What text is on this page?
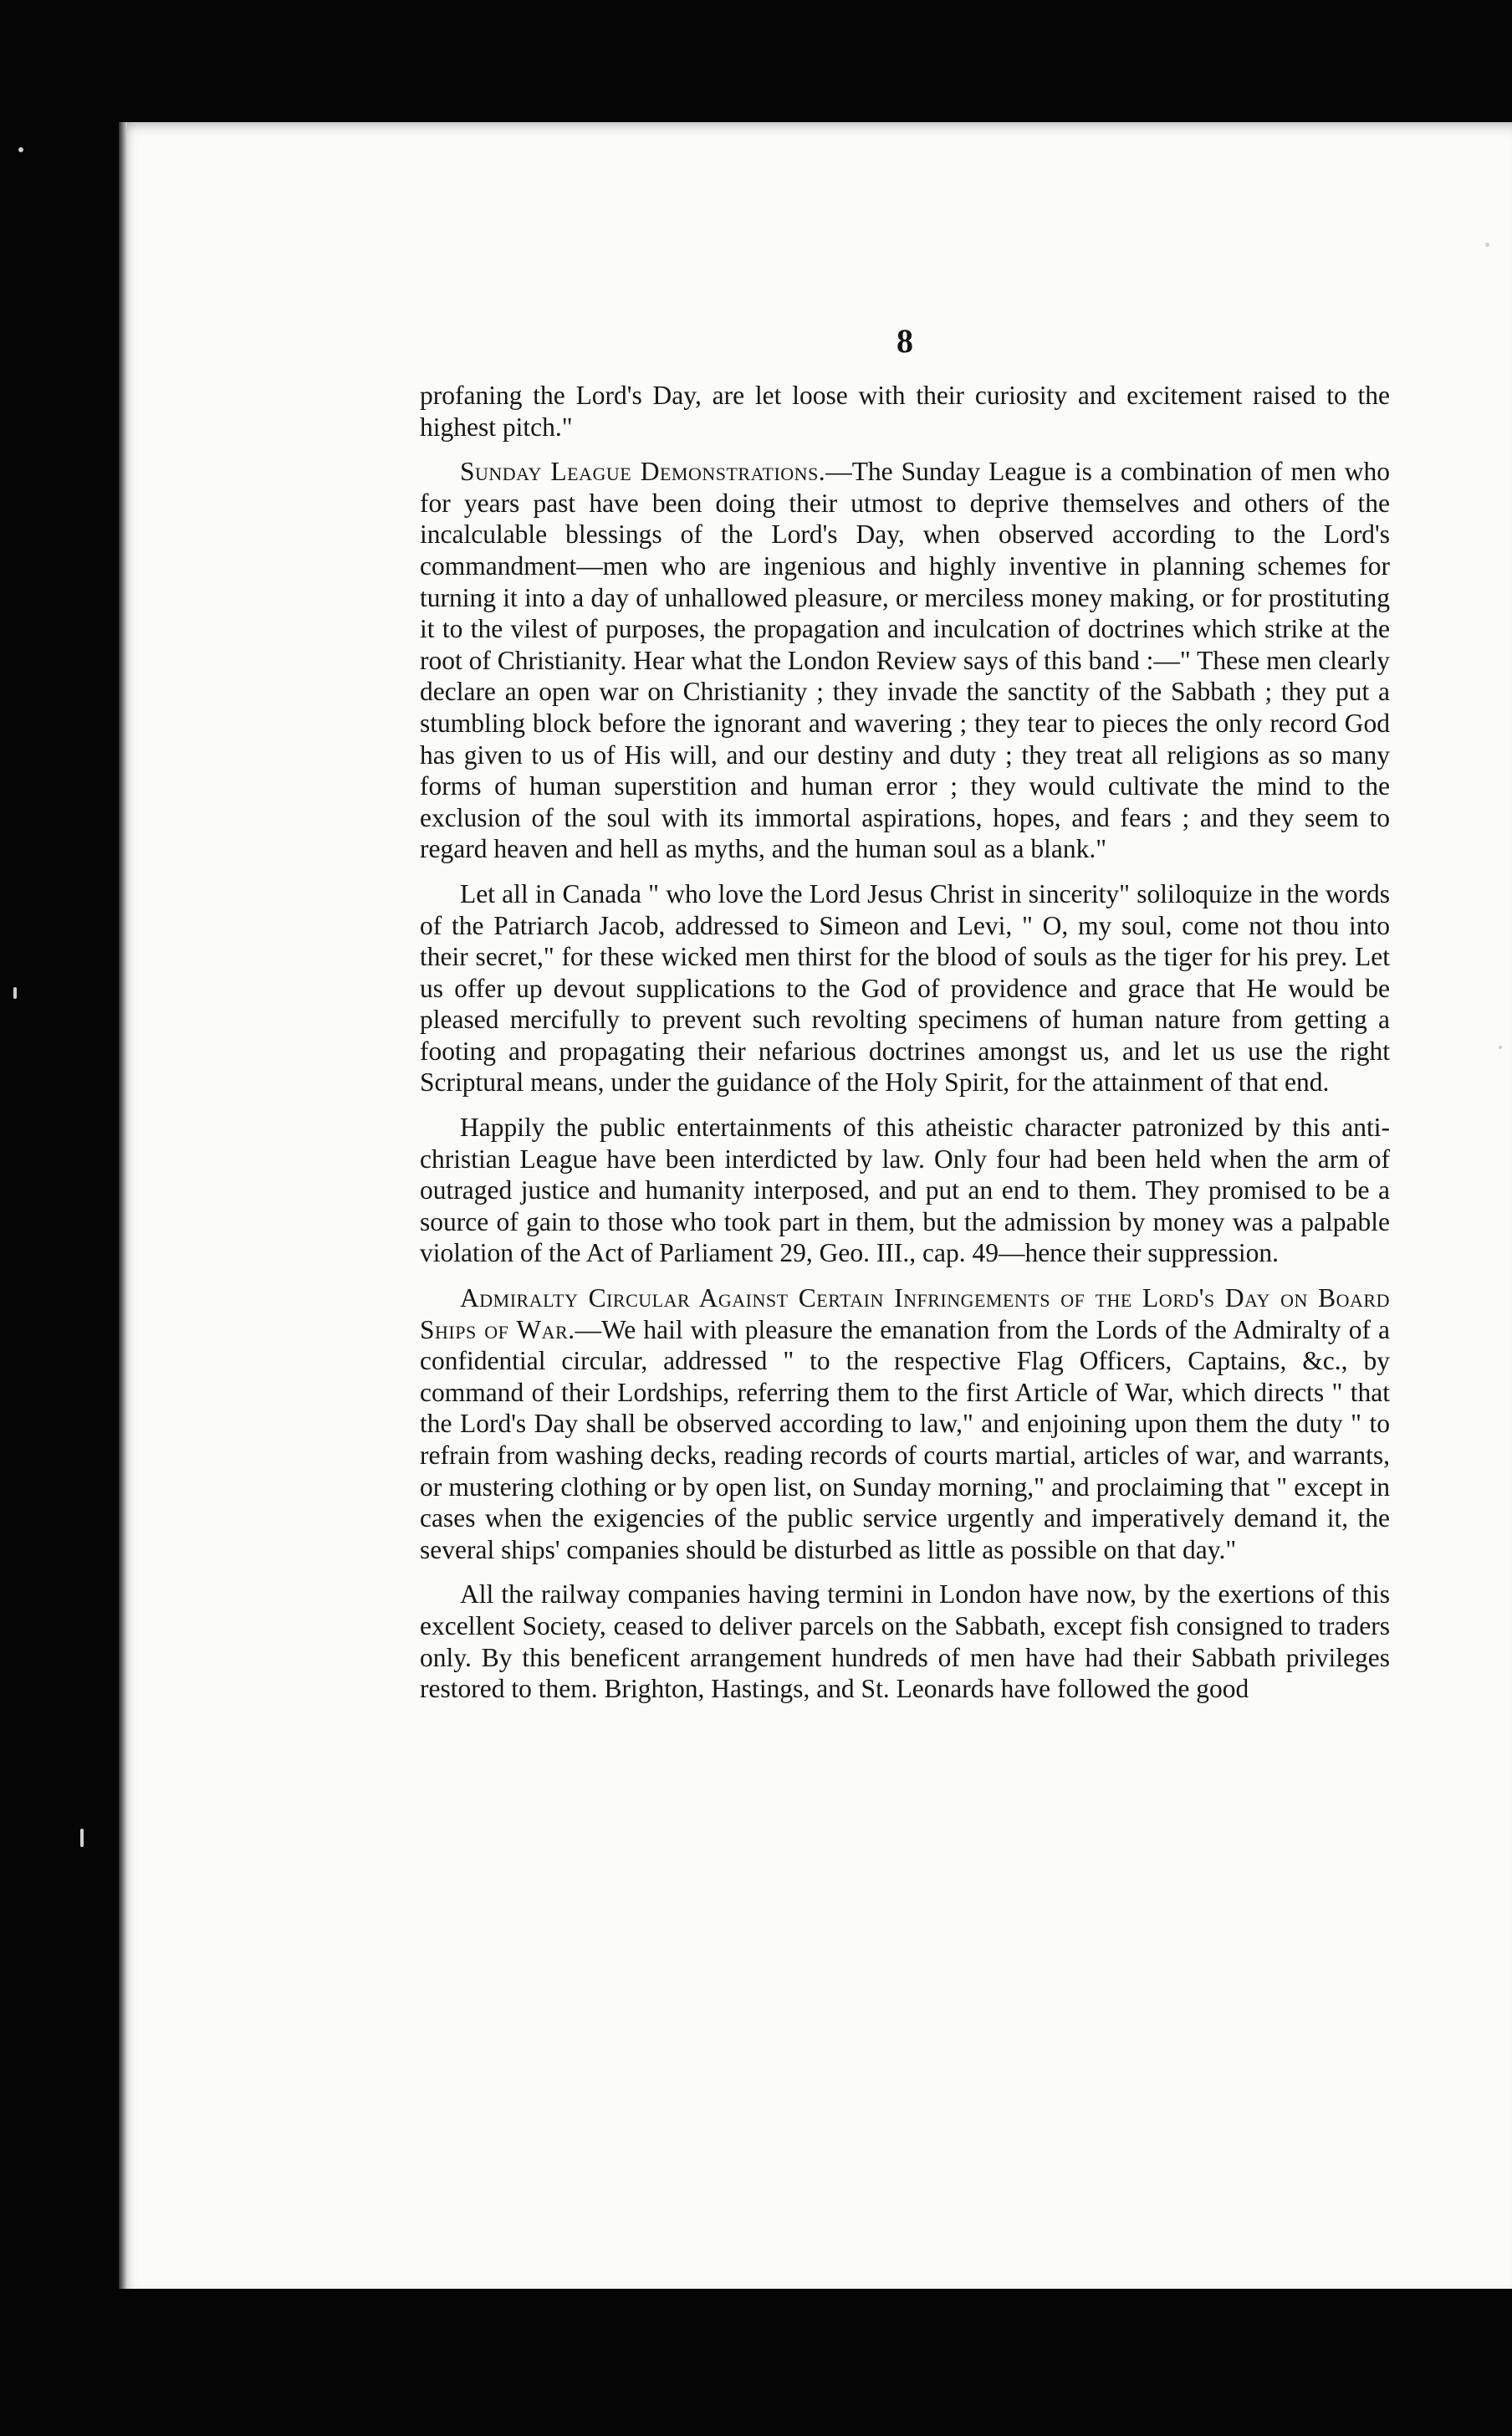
8

profaning the Lord's Day, are let loose with their curiosity and excitement raised to the highest pitch."

Sunday League Demonstrations.—The Sunday League is a combination of men who for years past have been doing their utmost to deprive themselves and others of the incalculable blessings of the Lord's Day, when observed according to the Lord's commandment—men who are ingenious and highly inventive in planning schemes for turning it into a day of unhallowed pleasure, or merciless money making, or for prostituting it to the vilest of purposes, the propagation and inculcation of doctrines which strike at the root of Christianity. Hear what the London Review says of this band :—" These men clearly declare an open war on Christianity ; they invade the sanctity of the Sabbath ; they put a stumbling block before the ignorant and wavering ; they tear to pieces the only record God has given to us of His will, and our destiny and duty ; they treat all religions as so many forms of human superstition and human error ; they would cultivate the mind to the exclusion of the soul with its immortal aspirations, hopes, and fears ; and they seem to regard heaven and hell as myths, and the human soul as a blank."

Let all in Canada " who love the Lord Jesus Christ in sincerity" soliloquize in the words of the Patriarch Jacob, addressed to Simeon and Levi, " O, my soul, come not thou into their secret," for these wicked men thirst for the blood of souls as the tiger for his prey. Let us offer up devout supplications to the God of providence and grace that He would be pleased mercifully to prevent such revolting specimens of human nature from getting a footing and propagating their nefarious doctrines amongst us, and let us use the right Scriptural means, under the guidance of the Holy Spirit, for the attainment of that end.

Happily the public entertainments of this atheistic character patronized by this anti-christian League have been interdicted by law. Only four had been held when the arm of outraged justice and humanity interposed, and put an end to them. They promised to be a source of gain to those who took part in them, but the admission by money was a palpable violation of the Act of Parliament 29, Geo. III., cap. 49—hence their suppression.

Admiralty Circular Against Certain Infringements of the Lord's Day on Board Ships of War.—We hail with pleasure the emanation from the Lords of the Admiralty of a confidential circular, addressed " to the respective Flag Officers, Captains, &c., by command of their Lordships, referring them to the first Article of War, which directs " that the Lord's Day shall be observed according to law," and enjoining upon them the duty " to refrain from washing decks, reading records of courts martial, articles of war, and warrants, or mustering clothing or by open list, on Sunday morning," and proclaiming that " except in cases when the exigencies of the public service urgently and imperatively demand it, the several ships' companies should be disturbed as little as possible on that day."

All the railway companies having termini in London have now, by the exertions of this excellent Society, ceased to deliver parcels on the Sabbath, except fish consigned to traders only. By this beneficent arrangement hundreds of men have had their Sabbath privileges restored to them. Brighton, Hastings, and St. Leonards have followed the good
